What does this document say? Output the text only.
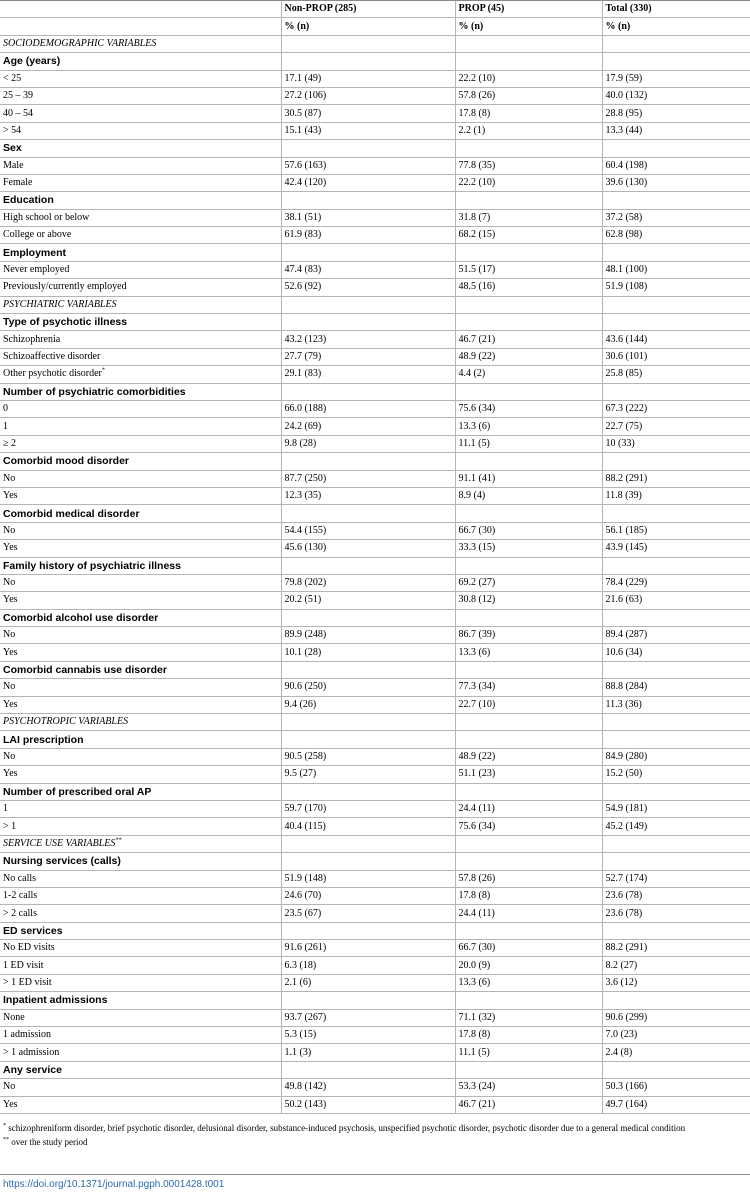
	Non-PROP (285)	PROP (45)	Total (330)
	% (n)	% (n)	% (n)
SOCIODEMOGRAPHIC VARIABLES			
Age (years)			
< 25	17.1 (49)	22.2 (10)	17.9 (59)
25 – 39	27.2 (106)	57.8 (26)	40.0 (132)
40 – 54	30.5 (87)	17.8 (8)	28.8 (95)
> 54	15.1 (43)	2.2 (1)	13.3 (44)
Sex			
Male	57.6 (163)	77.8 (35)	60.4 (198)
Female	42.4 (120)	22.2 (10)	39.6 (130)
Education			
High school or below	38.1 (51)	31.8 (7)	37.2 (58)
College or above	61.9 (83)	68.2 (15)	62.8 (98)
Employment			
Never employed	47.4 (83)	51.5 (17)	48.1 (100)
Previously/currently employed	52.6 (92)	48.5 (16)	51.9 (108)
PSYCHIATRIC VARIABLES			
Type of psychotic illness			
Schizophrenia	43.2 (123)	46.7 (21)	43.6 (144)
Schizoaffective disorder	27.7 (79)	48.9 (22)	30.6 (101)
Other psychotic disorder*	29.1 (83)	4.4 (2)	25.8 (85)
Number of psychiatric comorbidities			
0	66.0 (188)	75.6 (34)	67.3 (222)
1	24.2 (69)	13.3 (6)	22.7 (75)
≥ 2	9.8 (28)	11.1 (5)	10 (33)
Comorbid mood disorder			
No	87.7 (250)	91.1 (41)	88.2 (291)
Yes	12.3 (35)	8.9 (4)	11.8 (39)
Comorbid medical disorder			
No	54.4 (155)	66.7 (30)	56.1 (185)
Yes	45.6 (130)	33.3 (15)	43.9 (145)
Family history of psychiatric illness			
No	79.8 (202)	69.2 (27)	78.4 (229)
Yes	20.2 (51)	30.8 (12)	21.6 (63)
Comorbid alcohol use disorder			
No	89.9 (248)	86.7 (39)	89.4 (287)
Yes	10.1 (28)	13.3 (6)	10.6 (34)
Comorbid cannabis use disorder			
No	90.6 (250)	77.3 (34)	88.8 (284)
Yes	9.4 (26)	22.7 (10)	11.3 (36)
PSYCHOTROPIC VARIABLES			
LAI prescription			
No	90.5 (258)	48.9 (22)	84.9 (280)
Yes	9.5 (27)	51.1 (23)	15.2 (50)
Number of prescribed oral AP			
1	59.7 (170)	24.4 (11)	54.9 (181)
> 1	40.4 (115)	75.6 (34)	45.2 (149)
SERVICE USE VARIABLES**			
Nursing services (calls)			
No calls	51.9 (148)	57.8 (26)	52.7 (174)
1-2 calls	24.6 (70)	17.8 (8)	23.6 (78)
> 2 calls	23.5 (67)	24.4 (11)	23.6 (78)
ED services			
No ED visits	91.6 (261)	66.7 (30)	88.2 (291)
1 ED visit	6.3 (18)	20.0 (9)	8.2 (27)
> 1 ED visit	2.1 (6)	13.3 (6)	3.6 (12)
Inpatient admissions			
None	93.7 (267)	71.1 (32)	90.6 (299)
1 admission	5.3 (15)	17.8 (8)	7.0 (23)
> 1 admission	1.1 (3)	11.1 (5)	2.4 (8)
Any service			
No	49.8 (142)	53.3 (24)	50.3 (166)
Yes	50.2 (143)	46.7 (21)	49.7 (164)

* schizophreniform disorder, brief psychotic disorder, delusional disorder, substance-induced psychosis, unspecified psychotic disorder, psychotic disorder due to a general medical condition

** over the study period

https://doi.org/10.1371/journal.pgph.0001428.t001
